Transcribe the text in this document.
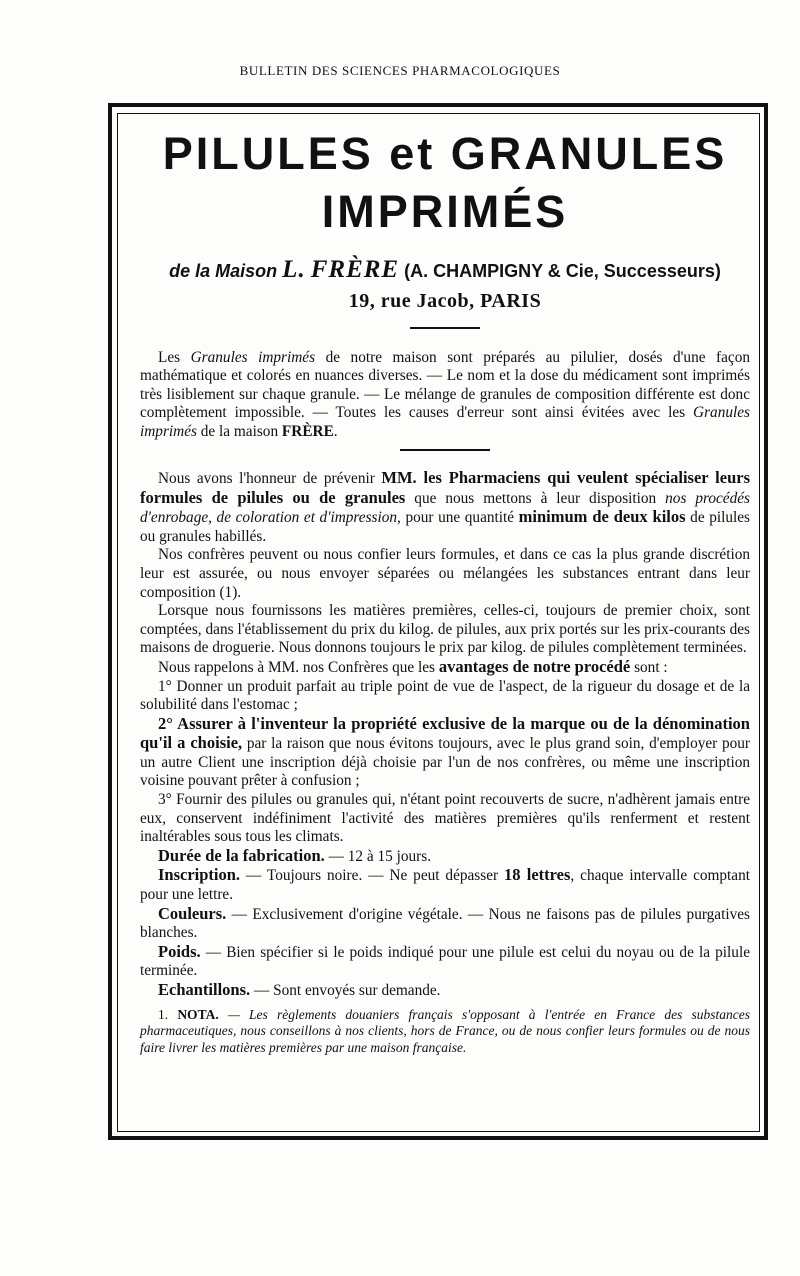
BULLETIN DES SCIENCES PHARMACOLOGIQUES
PILULES et GRANULES
IMPRIMÉS
de la Maison L. FRÈRE (A. CHAMPIGNY & Cie, Successeurs)
19, rue Jacob, PARIS

Les Granules imprimés de notre maison sont préparés au pilulier, dosés d'une façon mathématique et colorés en nuances diverses. — Le nom et la dose du médicament sont imprimés très lisiblement sur chaque granule. — Le mélange de granules de composition différente est donc complètement impossible. — Toutes les causes d'erreur sont ainsi évitées avec les Granules imprimés de la maison FRÈRE.

Nous avons l'honneur de prévenir MM. les Pharmaciens qui veulent spécialiser leurs formules de pilules ou de granules que nous mettons à leur disposition nos procédés d'enrobage, de coloration et d'impression, pour une quantité minimum de deux kilos de pilules ou granules habillés.

Nos confrères peuvent ou nous confier leurs formules, et dans ce cas la plus grande discrétion leur est assurée, ou nous envoyer séparées ou mélangées les substances entrant dans leur composition (1).

Lorsque nous fournissons les matières premières, celles-ci, toujours de premier choix, sont comptées, dans l'établissement du prix du kilog. de pilules, aux prix portés sur les prix-courants des maisons de droguerie. Nous donnons toujours le prix par kilog. de pilules complètement terminées.

Nous rappelons à MM. nos Confrères que les avantages de notre procédé sont :

1° Donner un produit parfait au triple point de vue de l'aspect, de la rigueur du dosage et de la solubilité dans l'estomac ;

2° Assurer à l'inventeur la propriété exclusive de la marque ou de la dénomination qu'il a choisie, par la raison que nous évitons toujours, avec le plus grand soin, d'employer pour un autre Client une inscription déjà choisie par l'un de nos confrères, ou même une inscription voisine pouvant prêter à confusion ;

3° Fournir des pilules ou granules qui, n'étant point recouverts de sucre, n'adhèrent jamais entre eux, conservent indéfiniment l'activité des matières premières qu'ils renferment et restent inaltérables sous tous les climats.

Durée de la fabrication. — 12 à 15 jours.

Inscription. — Toujours noire. — Ne peut dépasser 18 lettres, chaque intervalle comptant pour une lettre.

Couleurs. — Exclusivement d'origine végétale. — Nous ne faisons pas de pilules purgatives blanches.

Poids. — Bien spécifier si le poids indiqué pour une pilule est celui du noyau ou de la pilule terminée.

Echantillons. — Sont envoyés sur demande.

1. NOTA. — Les règlements douaniers français s'opposant à l'entrée en France des substances pharmaceutiques, nous conseillons à nos clients, hors de France, ou de nous confier leurs formules ou de nous faire livrer les matières premières par une maison française.
